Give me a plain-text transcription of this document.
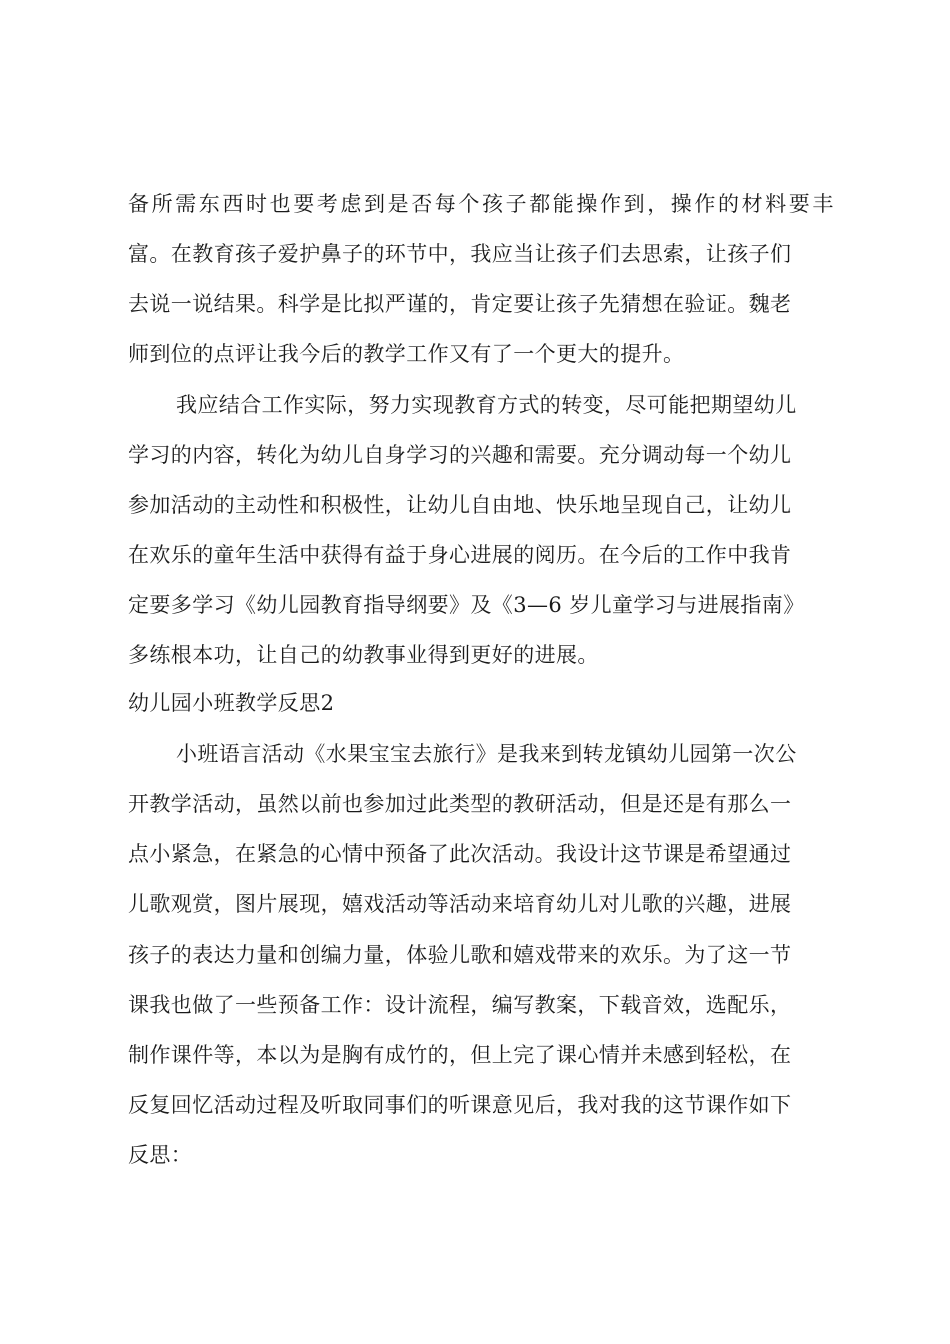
备所需东西时也要考虑到是否每个孩子都能操作到，操作的材料要丰
富。在教育孩子爱护鼻子的环节中，我应当让孩子们去思索，让孩子们
去说一说结果。科学是比拟严谨的，肯定要让孩子先猜想在验证。魏老
师到位的点评让我今后的教学工作又有了一个更大的提升。
我应结合工作实际，努力实现教育方式的转变，尽可能把期望幼儿
学习的内容，转化为幼儿自身学习的兴趣和需要。充分调动每一个幼儿
参加活动的主动性和积极性，让幼儿自由地、快乐地呈现自己，让幼儿
在欢乐的童年生活中获得有益于身心进展的阅历。在今后的工作中我肯
定要多学习《幼儿园教育指导纲要》及《3—6 岁儿童学习与进展指南》
多练根本功，让自己的幼教事业得到更好的进展。
幼儿园小班教学反思2
小班语言活动《水果宝宝去旅行》是我来到转龙镇幼儿园第一次公
开教学活动，虽然以前也参加过此类型的教研活动，但是还是有那么一
点小紧急，在紧急的心情中预备了此次活动。我设计这节课是希望通过
儿歌观赏，图片展现，嬉戏活动等活动来培育幼儿对儿歌的兴趣，进展
孩子的表达力量和创编力量，体验儿歌和嬉戏带来的欢乐。为了这一节
课我也做了一些预备工作：设计流程，编写教案，下载音效，选配乐，
制作课件等，本以为是胸有成竹的，但上完了课心情并未感到轻松，在
反复回忆活动过程及听取同事们的听课意见后，我对我的这节课作如下
反思：
